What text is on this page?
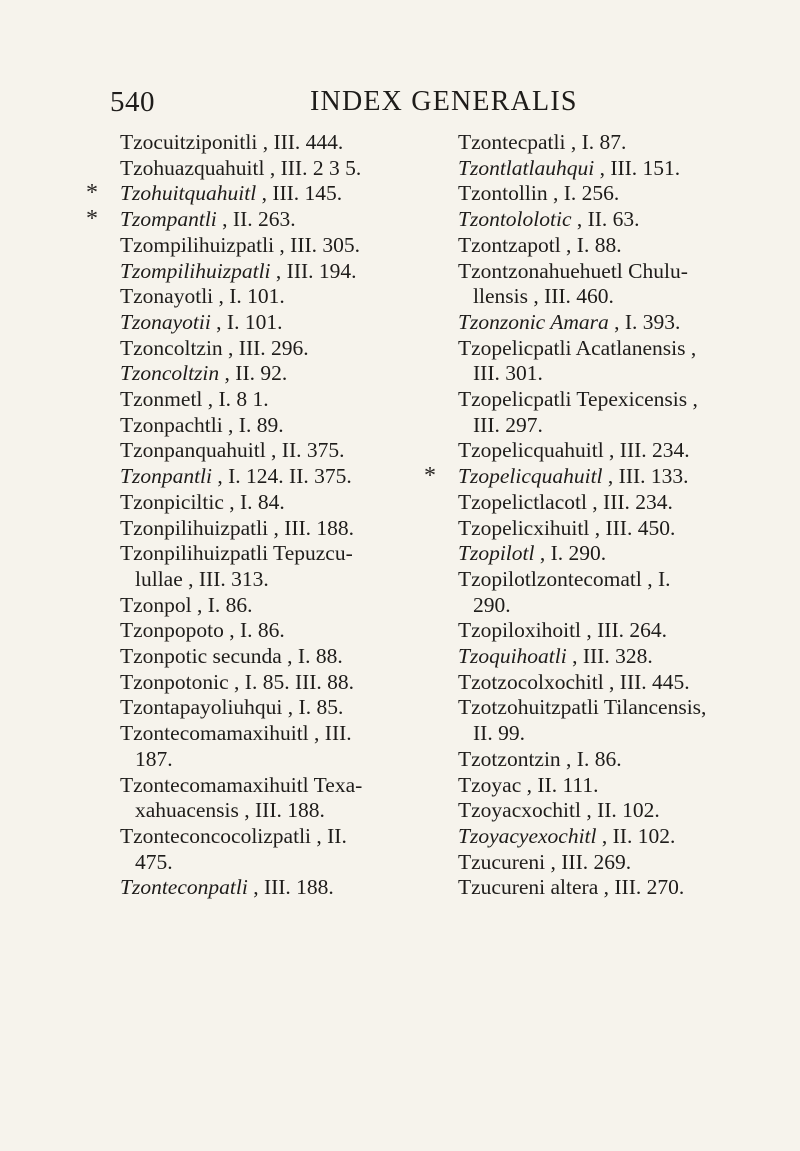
540	INDEX GENERALIS
Tzocuitziponitli , III. 444.
Tzohuazquahuitl , III. 2 3 5.
* Tzohuitquahuitl , III. 145.
* Tzompantli , II. 263.
Tzompilihuizpatli , III. 305.
Tzompilihuizpatli , III. 194.
Tzonayotli , I. 101.
Tzonayotii , I. 101.
Tzoncoltzin , III. 296.
Tzoncoltzin , II. 92.
Tzonmetl , I. 8 1.
Tzonpachtli , I. 89.
Tzonpanquahuitl , II. 375.
Tzonpantli , I. 124. II. 375.
Tzonpiciltic , I. 84.
Tzonpilihuizpatli , III. 188.
Tzonpilihuizpatli Tepuzcu-
lullae , III. 313.
Tzonpol , I. 86.
Tzonpopoto , I. 86.
Tzonpotic secunda , I. 88.
Tzonpotonic , I. 85. III. 88.
Tzontapayoliuhqui , I. 85.
Tzontecomamaxihuitl , III.
187.
Tzontecomamaxihuitl Texa-
xahuacensis , III. 188.
Tzonteconcocolizpatli , II.
475.
Tzonteconpatli , III. 188.
Tzontecpatli , I. 87.
Tzontlatlauhqui , III. 151.
Tzontollin , I. 256.
Tzontololotic , II. 63.
Tzontzapotl , I. 88.
Tzontzonahuehuetl Chulu-
llensis , III. 460.
Tzonzonic Amara , I. 393.
Tzopelicpatli Acatlanensis ,
III. 301.
Tzopelicpatli Tepexicensis ,
III. 297.
Tzopelicquahuitl , III. 234.
* Tzopelicquahuitl , III. 133.
Tzopelictlacotl , III. 234.
Tzopelicxihuitl , III. 450.
Tzopilotl , I. 290.
Tzopilotlzontecomatl , I.
290.
Tzopiloxihoitl , III. 264.
Tzoquihoatli , III. 328.
Tzotzocolxochitl , III. 445.
Tzotzohuitzpatli Tilancensis,
II. 99.
Tzotzontzin , I. 86.
Tzoyac , II. 111.
Tzoyacxochitl , II. 102.
Tzoyacyexochitl , II. 102.
Tzucureni , III. 269.
Tzucureni altera , III. 270.
